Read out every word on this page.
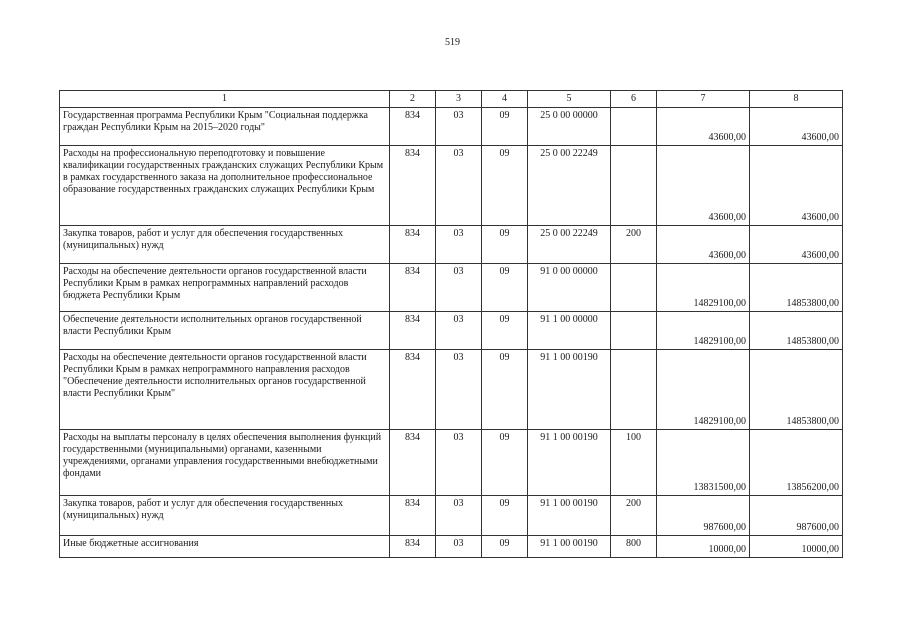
519
1	2	3	4	5	6	7	8
Государственная программа Республики Крым "Социальная поддержка граждан Республики Крым на 2015–2020 годы"	834	03	09	25 0 00 00000		43600,00	43600,00
Расходы на профессиональную переподготовку и повышение квалификации государственных гражданских служащих Республики Крым в рамках государственного заказа на дополнительное профессиональное образование государственных гражданских служащих Республики Крым	834	03	09	25 0 00 22249		43600,00	43600,00
Закупка товаров, работ и услуг для обеспечения государственных (муниципальных) нужд	834	03	09	25 0 00 22249	200	43600,00	43600,00
Расходы на обеспечение деятельности органов государственной власти Республики Крым в рамках непрограммных направлений расходов бюджета Республики Крым	834	03	09	91 0 00 00000		14829100,00	14853800,00
Обеспечение деятельности исполнительных органов государственной власти Республики Крым	834	03	09	91 1 00 00000		14829100,00	14853800,00
Расходы на обеспечение деятельности органов государственной власти Республики Крым в рамках непрограммного направления расходов "Обеспечение деятельности исполнительных органов государственной власти Республики Крым"	834	03	09	91 1 00 00190		14829100,00	14853800,00
Расходы на выплаты персоналу в целях обеспечения выполнения функций государственными (муниципальными) органами, казенными учреждениями, органами управления государственными внебюджетными фондами	834	03	09	91 1 00 00190	100	13831500,00	13856200,00
Закупка товаров, работ и услуг для обеспечения государственных (муниципальных) нужд	834	03	09	91 1 00 00190	200	987600,00	987600,00
Иные бюджетные ассигнования	834	03	09	91 1 00 00190	800	10000,00	10000,00
